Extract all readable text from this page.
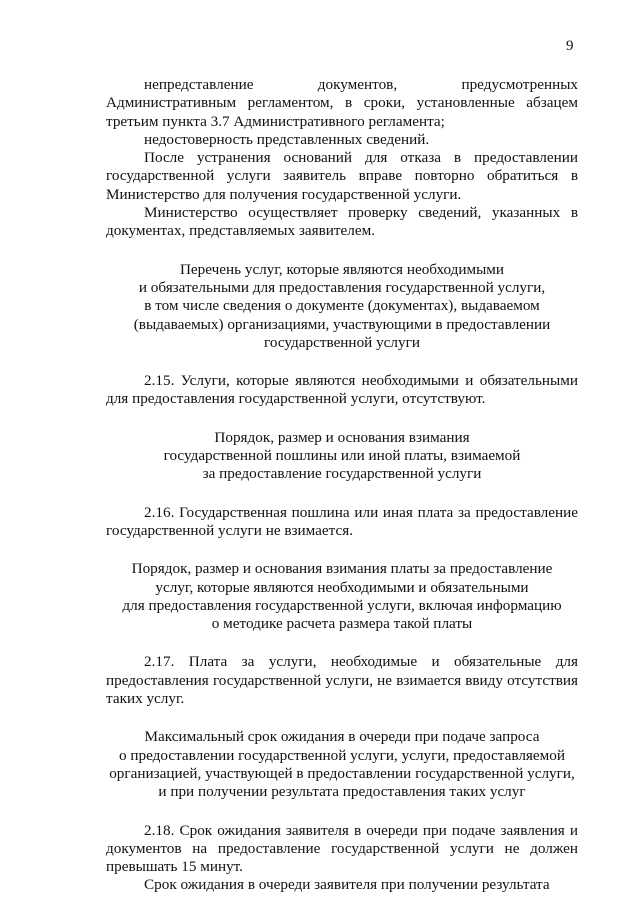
9

непредставление документов, предусмотренных Административным регламентом, в сроки, установленные абзацем третьим пункта 3.7 Административного регламента;

недостоверность представленных сведений.

После устранения оснований для отказа в предоставлении государственной услуги заявитель вправе повторно обратиться в Министерство для получения государственной услуги.

Министерство осуществляет проверку сведений, указанных в документах, представляемых заявителем.

Перечень услуг, которые являются необходимыми

и обязательными для предоставления государственной услуги,

в том числе сведения о документе (документах), выдаваемом

(выдаваемых) организациями, участвующими в предоставлении

государственной услуги

2.15. Услуги, которые являются необходимыми и обязательными для предоставления государственной услуги, отсутствуют.

Порядок, размер и основания взимания

государственной пошлины или иной платы, взимаемой

за предоставление государственной услуги

2.16. Государственная пошлина или иная плата за предоставление государственной услуги не взимается.

Порядок, размер и основания взимания платы за предоставление

услуг, которые являются необходимыми и обязательными

для предоставления государственной услуги, включая информацию

о методике расчета размера такой платы

2.17. Плата за услуги, необходимые и обязательные для предоставления государственной услуги, не взимается ввиду отсутствия таких услуг.

Максимальный срок ожидания в очереди при подаче запроса

о предоставлении государственной услуги, услуги, предоставляемой

организацией, участвующей в предоставлении государственной услуги,

и при получении результата предоставления таких услуг

2.18. Срок ожидания заявителя в очереди при подаче заявления и документов на предоставление государственной услуги не должен превышать 15 минут.

Срок ожидания в очереди заявителя при получении результата
